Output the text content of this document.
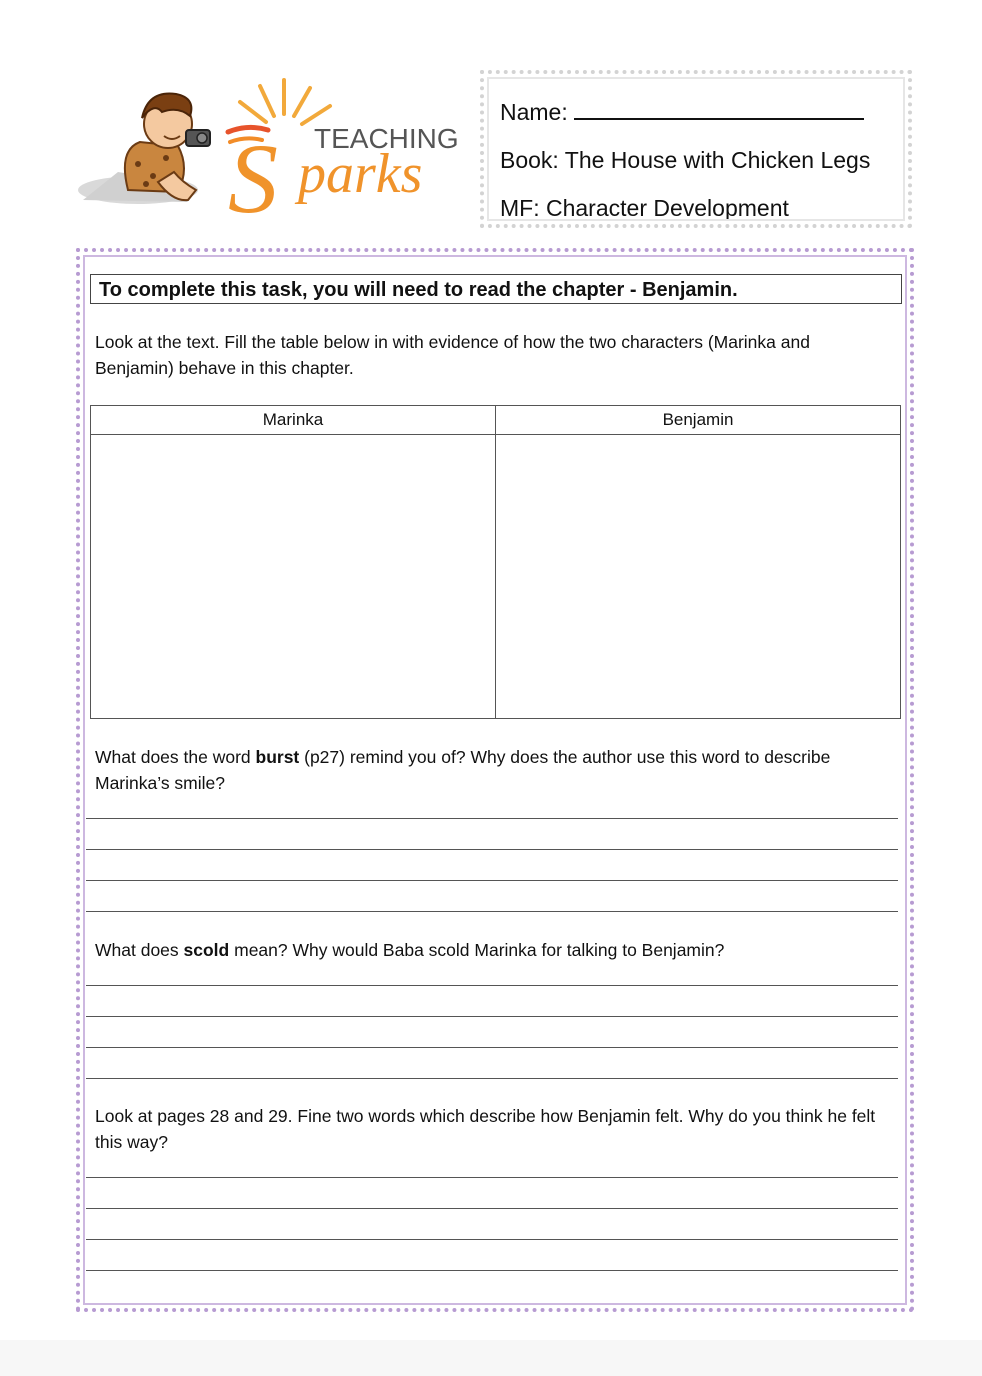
S TEACHING
parks
Name:
Book: The House with Chicken Legs
MF: Character Development
To complete this task, you will need to read the chapter - Benjamin.
Look at the text. Fill the table below in with evidence of how the two characters (Marinka and Benjamin) behave in this chapter.
Marinka	Benjamin
What does the word burst (p27) remind you of? Why does the author use this word to describe Marinka’s smile?
What does scold mean? Why would Baba scold Marinka for talking to Benjamin?
Look at pages 28 and 29. Fine two words which describe how Benjamin felt. Why do you think he felt this way?
